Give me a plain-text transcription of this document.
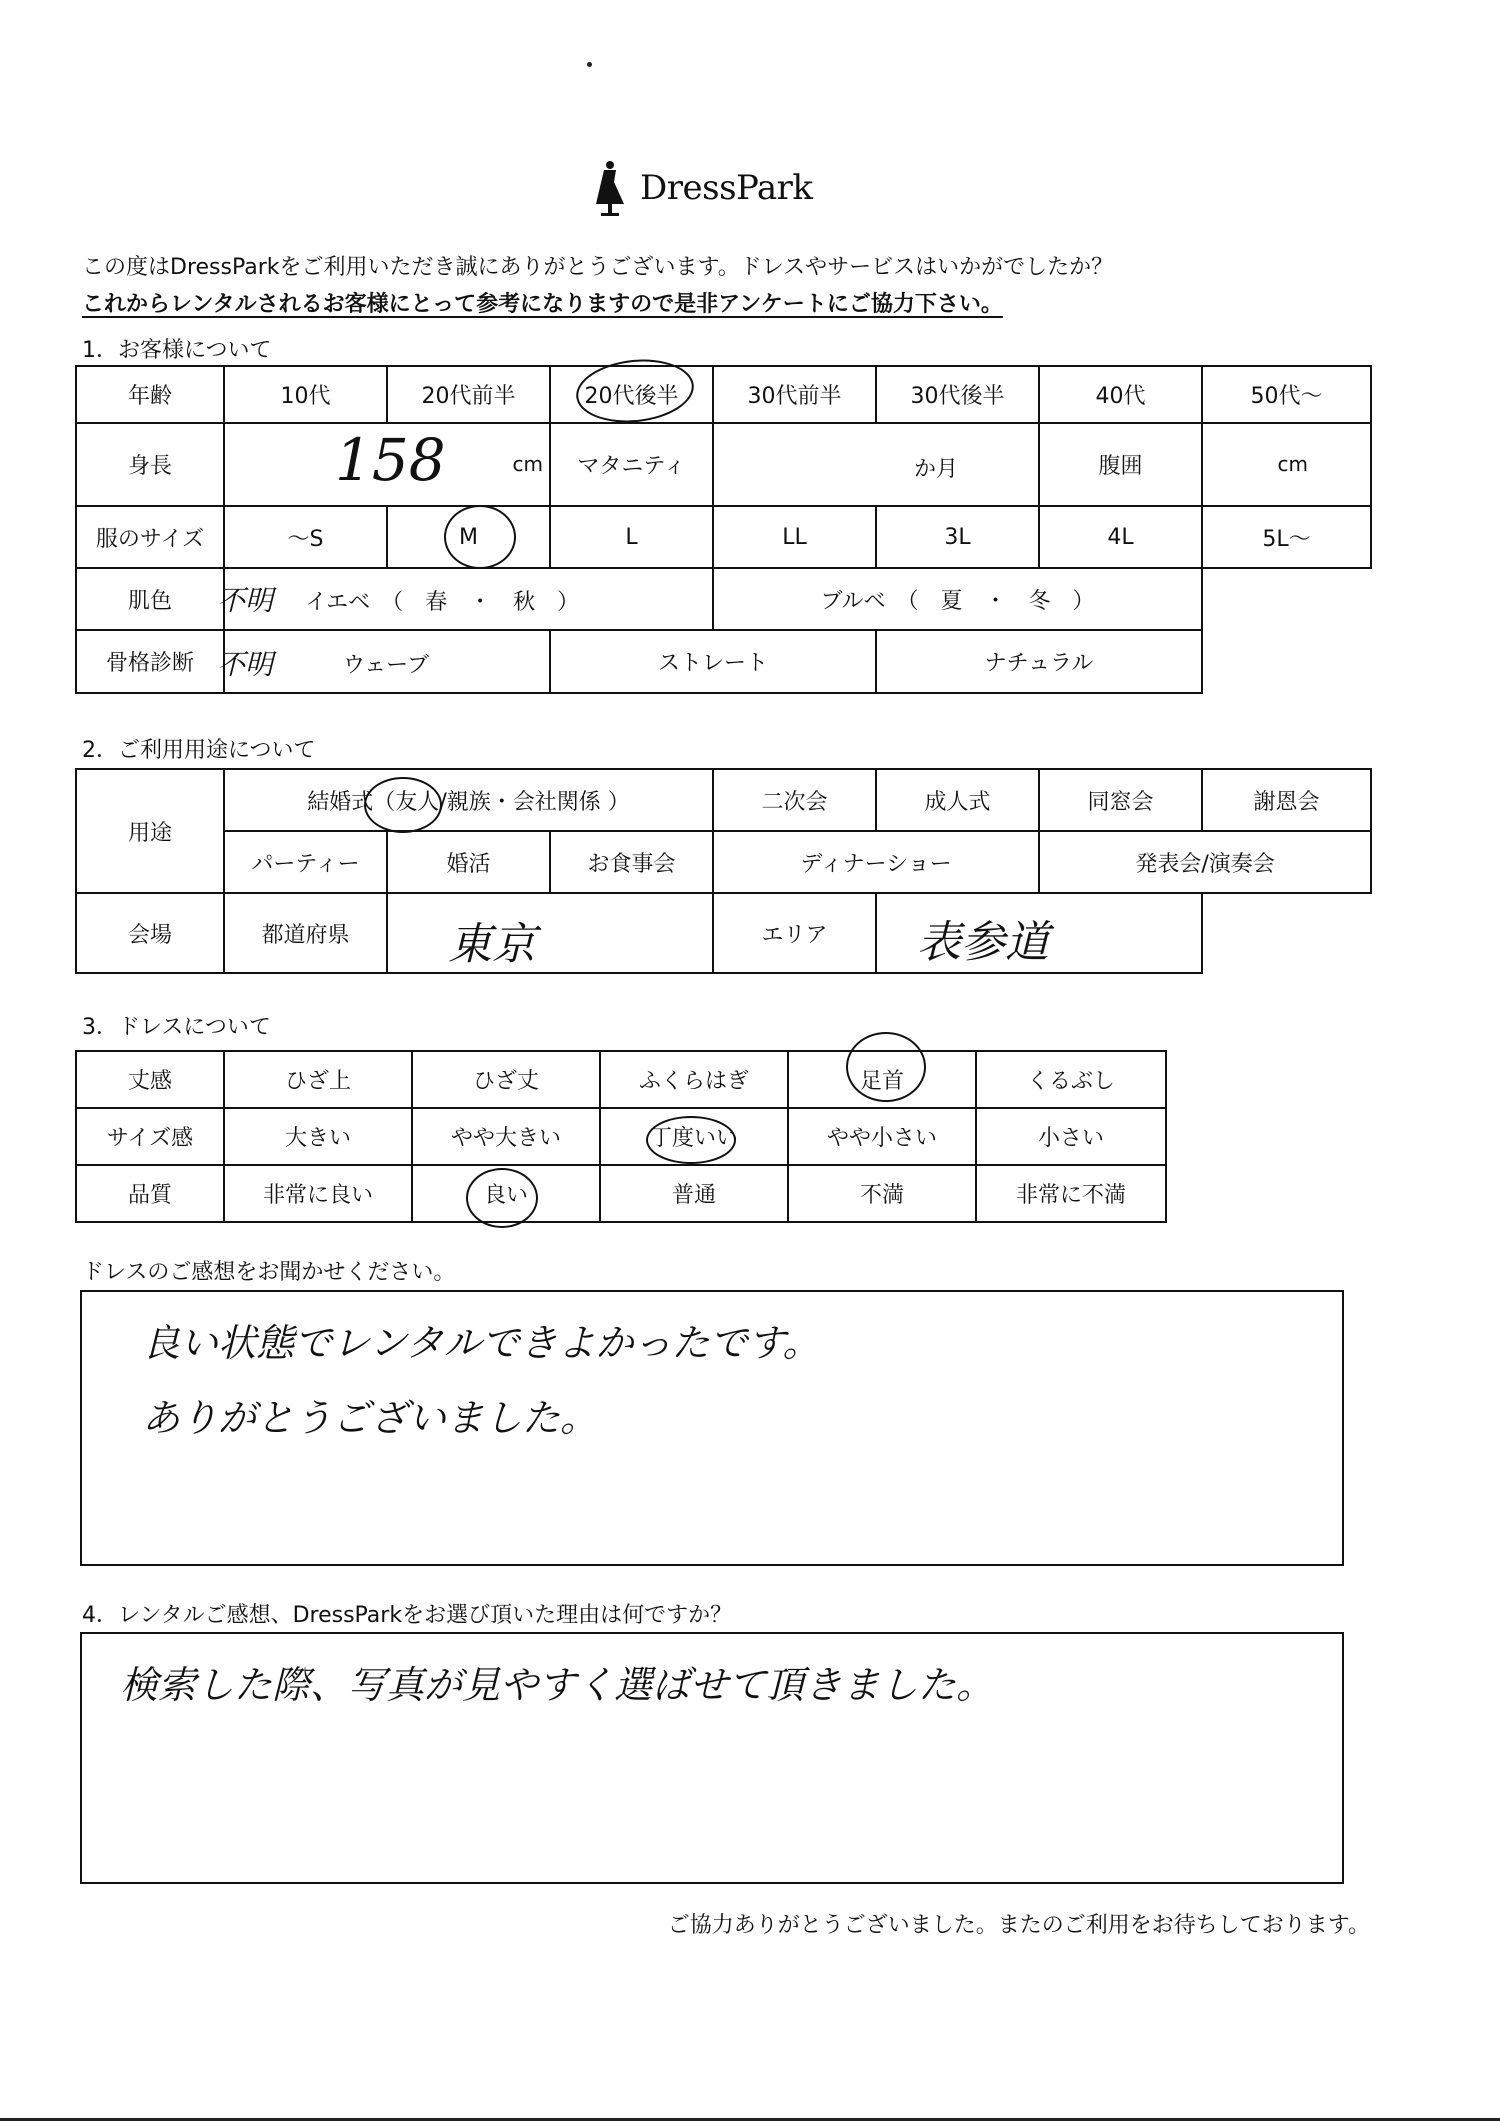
DressPark
この度はDressParkをご利用いただき誠にありがとうございます。ドレスやサービスはいかがでしたか？
これからレンタルされるお客様にとって参考になりますので是非アンケートにご協力下さい。
1．お客様について
年齢	10代	20代前半	20代後半	30代前半	30代後半	40代	50代～
身長	158 cm		マタニティ	か月		腹囲	cm

服のサイズ	～S	M	L	LL	3L	4L	5L～
肌色	不明 イエベ　（　春　・　秋　）			ブルベ　（　夏　・　冬　）			
骨格診断	不明 ウェーブ		ストレート		ナチュラル		
2．ご利用用途について
用途	結婚式（友人/親族・会社関係 ）			二次会	成人式	同窓会	謝恩会
	パーティー	婚活	お食事会	ディナーショー		発表会/演奏会	
会場	都道府県	東京		エリア	表参道		

3．ドレスについて
丈感	ひざ上	ひざ丈	ふくらはぎ	足首	くるぶし
サイズ感	大きい	やや大きい	丁度いい	やや小さい	小さい
品質	非常に良い	良い	普通	不満	非常に不満
ドレスのご感想をお聞かせください。
良い状態でレンタルできよかったです。
ありがとうございました。
4．レンタルご感想、DressParkをお選び頂いた理由は何ですか？
検索した際、写真が見やすく選ばせて頂きました。
ご協力ありがとうございました。またのご利用をお待ちしております。
